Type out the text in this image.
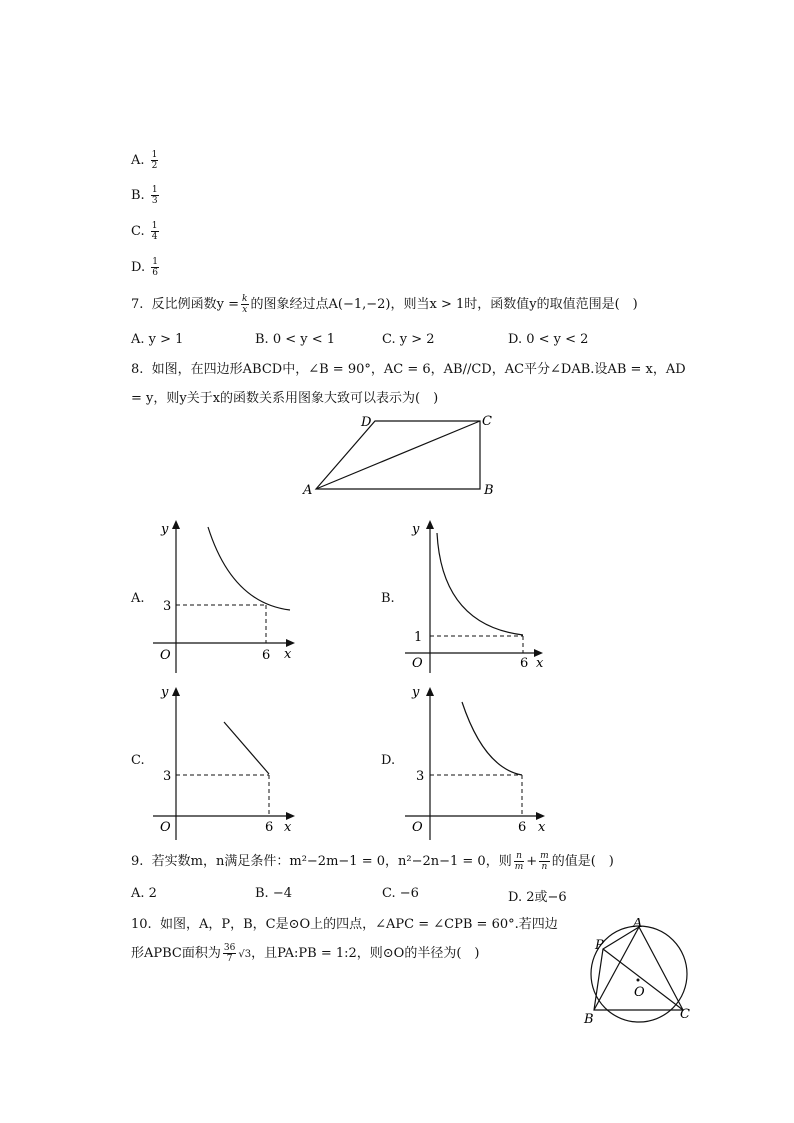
A. $\frac{1}{2}$
B. $\frac{1}{3}$
C. $\frac{1}{4}$
D. $\frac{1}{6}$
7. 反比例函数$y = \frac{k}{x}$ 的图象经过点A(−1,−2)，则当x > 1时，函数值y的取值范围是(　)
A. y > 1	B. 0 < y < 1	C. y > 2	D. 0 < y < 2
8. 如图，在四边形ABCD中，∠B = 90°，AC = 6，AB//CD，AC平分∠DAB.设AB = x，AD
= y，则y关于x的函数关系用图象大致可以表示为(　)
A	B
C
D
A.
y
x
O	6
3
B.
y
x
O	6
1
C.
y
x
O	6
3
D.
y
x
O	6
3
9. 若实数m，n满足条件：m²−2m−1 = 0，n²−2n−1 = 0，则 $\frac{n}{m} + \frac{m}{n}$ 的值是(　)
A. 2	B. −4	C. −6	D. 2或−6
10. 如图，A，P，B，C是⊙O上的四点，∠APC = ∠CPB = 60°.若四边
形APBC面积为 $\frac{36}{7} √3$，且PA:PB = 1:2，则⊙O的半径为(　)
A
P
B	C
O
